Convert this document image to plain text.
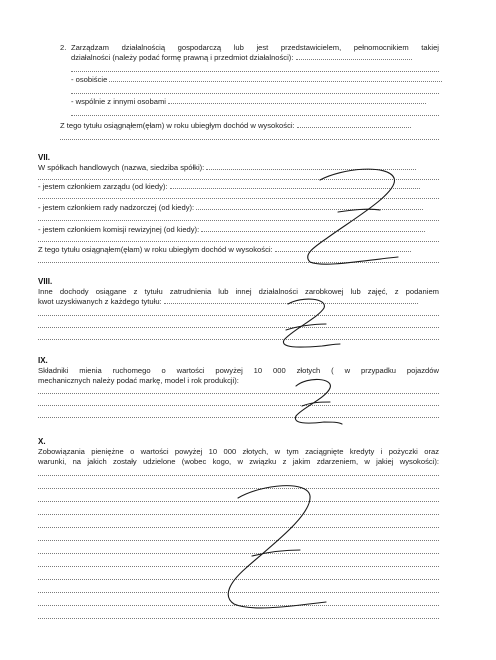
2. Zarządzam działalnością gospodarczą lub jest przedstawicielem, pełnomocnikiem takiej
działalności (należy podać formę prawną i przedmiot działalności):
- osobiście
- wspólnie z innymi osobami
Z tego tytułu osiągnąłem(ęłam) w roku ubiegłym dochód w wysokości:
VII.
W spółkach handlowych (nazwa, siedziba spółki):
- jestem członkiem zarządu (od kiedy):
- jestem członkiem rady nadzorczej (od kiedy):
- jestem członkiem komisji rewizyjnej (od kiedy):
Z tego tytułu osiągnąłem(ęłam) w roku ubiegłym dochód w wysokości:
VIII.
Inne dochody osiągane z tytułu zatrudnienia lub innej działalności zarobkowej lub zajęć, z podaniem
kwot uzyskiwanych z każdego tytułu:
IX.
Składniki mienia ruchomego o wartości powyżej 10 000 złotych ( w przypadku pojazdów
mechanicznych należy podać markę, model i rok produkcji):
X.
Zobowiązania pieniężne o wartości powyżej 10 000 złotych, w tym zaciągnięte kredyty i pożyczki oraz
warunki, na jakich zostały udzielone (wobec kogo, w związku z jakim zdarzeniem, w jakiej wysokości):
